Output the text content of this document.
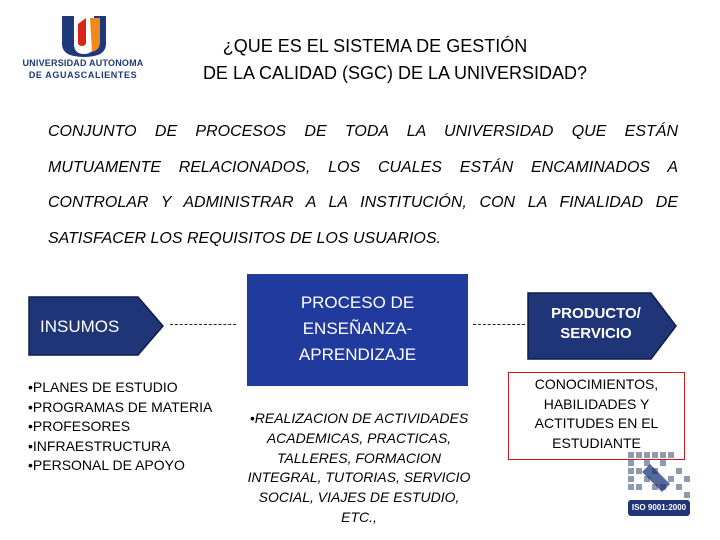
UNIVERSIDAD AUTONOMA
DE AGUASCALIENTES
¿QUE ES EL SISTEMA DE GESTIÓN
DE LA CALIDAD (SGC) DE LA UNIVERSIDAD?
CONJUNTO DE PROCESOS DE TODA LA UNIVERSIDAD QUE ESTÁN MUTUAMENTE RELACIONADOS, LOS CUALES ESTÁN ENCAMINADOS A CONTROLAR Y ADMINISTRAR A LA INSTITUCIÓN, CON LA FINALIDAD DE SATISFACER LOS REQUISITOS DE LOS USUARIOS.
INSUMOS
PROCESO DE
ENSEÑANZA-
APRENDIZAJE
PRODUCTO/
SERVICIO
•PLANES DE ESTUDIO
•PROGRAMAS DE MATERIA
•PROFESORES
•INFRAESTRUCTURA
•PERSONAL DE APOYO
•REALIZACION DE ACTIVIDADES
ACADEMICAS, PRACTICAS,
TALLERES, FORMACION
INTEGRAL, TUTORIAS, SERVICIO
SOCIAL, VIAJES DE ESTUDIO,
ETC.,
CONOCIMIENTOS,
HABILIDADES Y
ACTITUDES EN EL
ESTUDIANTE
ISO 9001:2000
